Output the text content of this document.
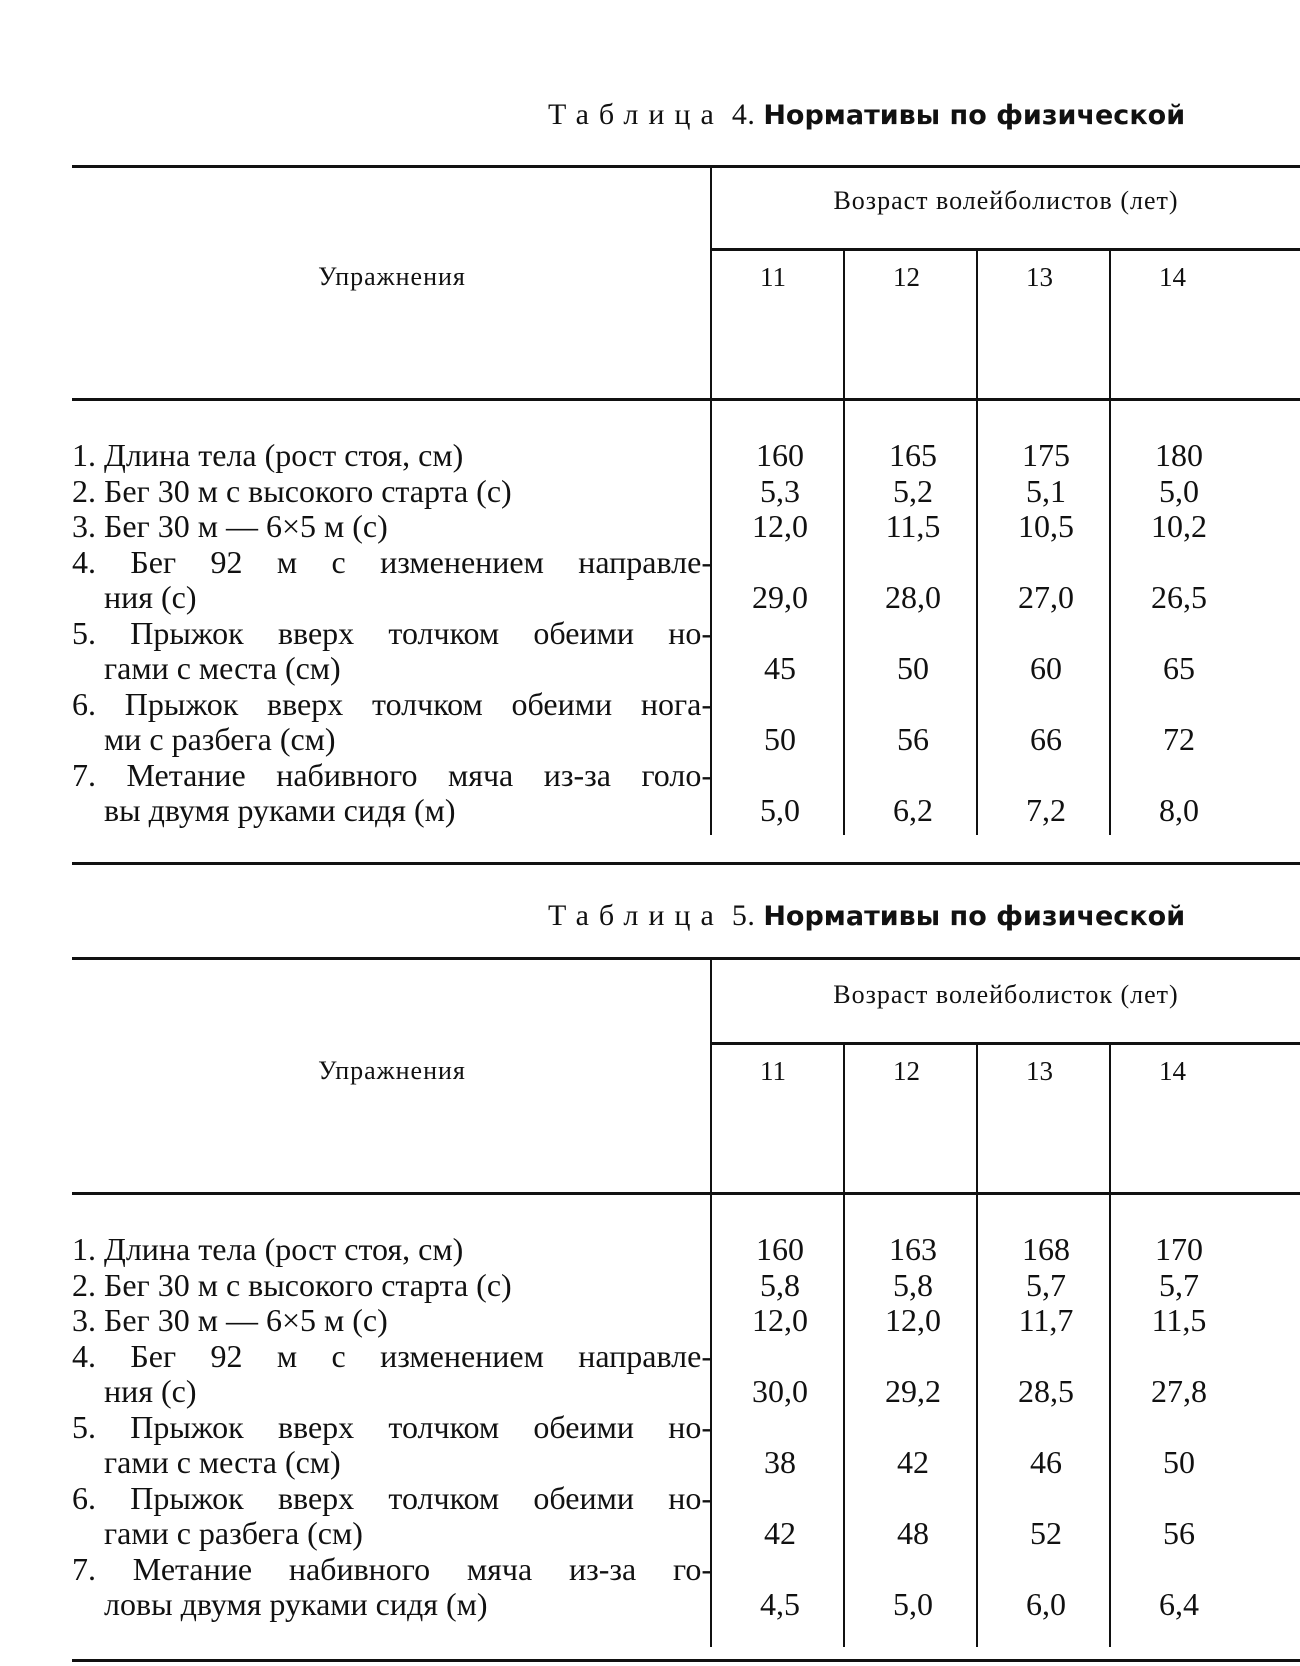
Таблица 4. Нормативы по физической
Упражнения
Возраст волейболистов (лет)
11	12	13	14
1. Длина тела (рост стоя, см)	160	165	175	180
2. Бег 30 м с высокого старта (с)	5,3	5,2	5,1	5,0
3. Бег 30 м — 6×5 м (с)	12,0	11,5	10,5	10,2
4. Бег 92 м с изменением направле-
ния (с)	29,0	28,0	27,0	26,5
5. Прыжок вверх толчком обеими но-
гами с места (см)	45	50	60	65
6. Прыжок вверх толчком обеими нога-
ми с разбега (см)	50	56	66	72
7. Метание набивного мяча из-за голо-
вы двумя руками сидя (м)	5,0	6,2	7,2	8,0
Таблица 5. Нормативы по физической
Упражнения
Возраст волейболисток (лет)
11	12	13	14
1. Длина тела (рост стоя, см)	160	163	168	170
2. Бег 30 м с высокого старта (с)	5,8	5,8	5,7	5,7
3. Бег 30 м — 6×5 м (с)	12,0	12,0	11,7	11,5
4. Бег 92 м с изменением направле-
ния (с)	30,0	29,2	28,5	27,8
5. Прыжок вверх толчком обеими но-
гами с места (см)	38	42	46	50
6. Прыжок вверх толчком обеими но-
гами с разбега (см)	42	48	52	56
7. Метание набивного мяча из-за го-
ловы двумя руками сидя (м)	4,5	5,0	6,0	6,4
